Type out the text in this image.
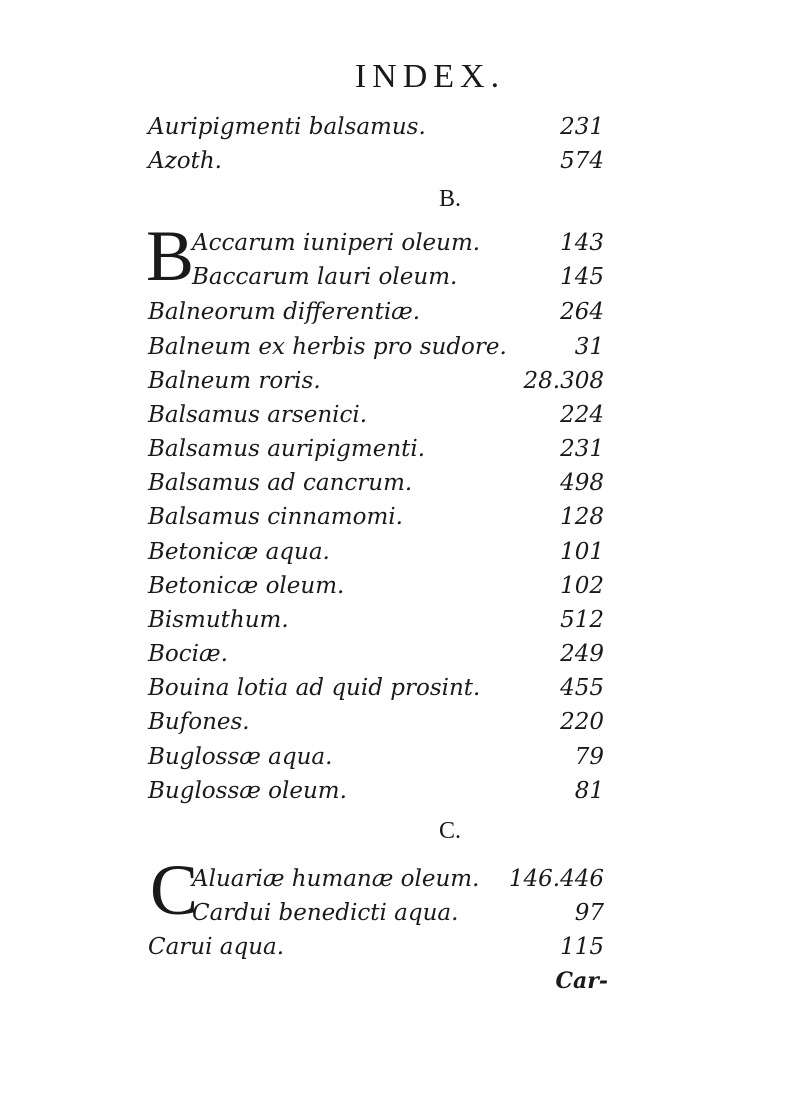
INDEX.
Auripigmenti balsamus.	231
Azoth.	574
B.
B
Accarum iuniperi oleum.	143
Baccarum lauri oleum.	145
Balneorum differentiæ.	264
Balneum ex herbis pro sudore.	31
Balneum roris.	28.308
Balsamus arsenici.	224
Balsamus auripigmenti.	231
Balsamus ad cancrum.	498
Balsamus cinnamomi.	128
Betonicæ aqua.	101
Betonicæ oleum.	102
Bismuthum.	512
Bociæ.	249
Bouina lotia ad quid prosint.	455
Bufones.	220
Buglossæ aqua.	79
Buglossæ oleum.	81
C.
C
Aluariæ humanæ oleum. 146.446
Cardui benedicti aqua.	97
Carui aqua.	115
Car-
